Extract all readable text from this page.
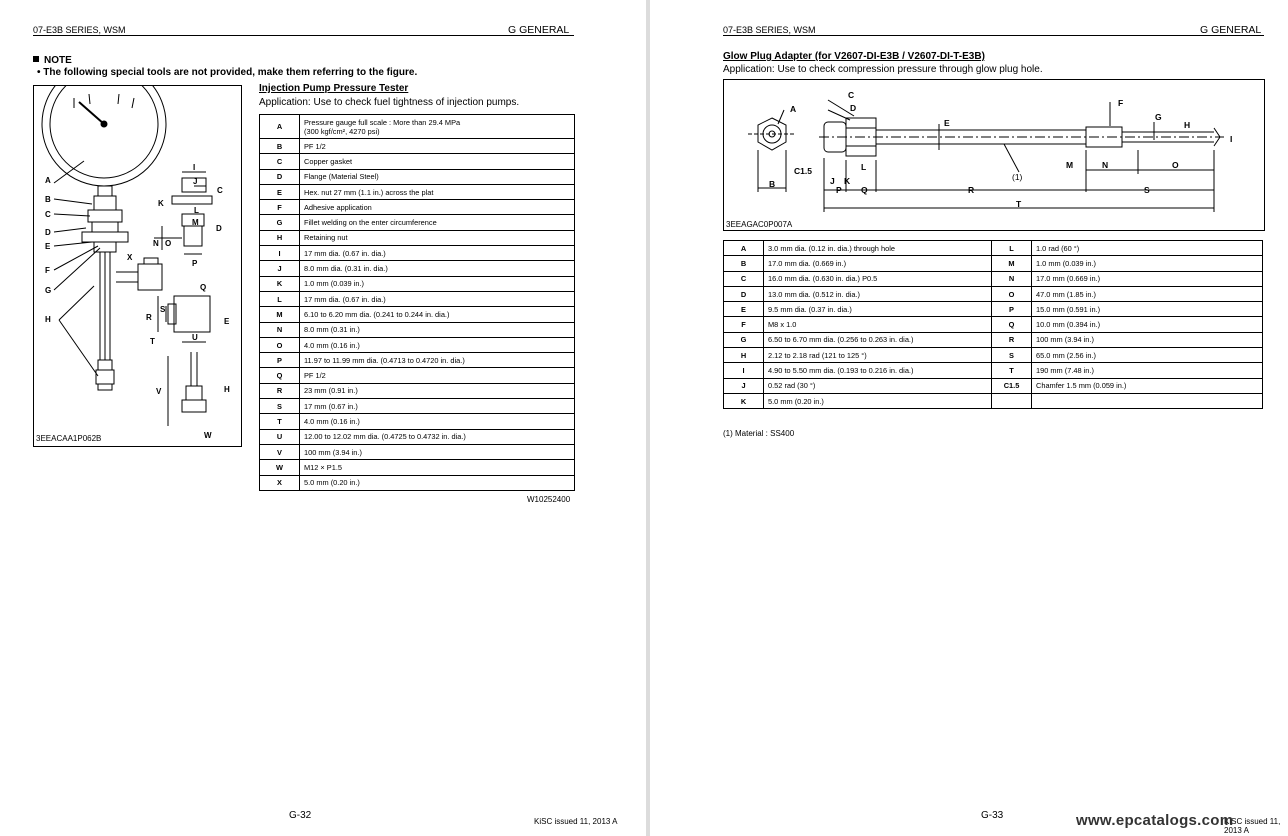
07-E3B SERIES, WSM	G GENERAL
NOTE
• The following special tools are not provided, make them referring to the figure.
A
B
C
D
E
F
G
H
I
J
K
L
M
N O
P
Q
R
S
T	U
V
W
X
C
D
E
H
3EEACAA1P062B
Injection Pump Pressure Tester
Application: Use to check fuel tightness of injection pumps.
A	Pressure gauge full scale : More than 29.4 MPa
(300 kgf/cm², 4270 psi)
B	PF 1/2
C	Copper gasket
D	Flange (Material Steel)
E	Hex. nut 27 mm (1.1 in.) across the plat
F	Adhesive application
G	Fillet welding on the enter circumference
H	Retaining nut
I	17 mm dia. (0.67 in. dia.)
J	8.0 mm dia. (0.31 in. dia.)
K	1.0 mm (0.039 in.)
L	17 mm dia. (0.67 in. dia.)
M	6.10 to 6.20 mm dia. (0.241 to 0.244 in. dia.)
N	8.0 mm (0.31 in.)
O	4.0 mm (0.16 in.)
P	11.97 to 11.99 mm dia. (0.4713 to 0.4720 in. dia.)
Q	PF 1/2
R	23 mm (0.91 in.)
S	17 mm (0.67 in.)
T	4.0 mm (0.16 in.)
U	12.00 to 12.02 mm dia. (0.4725 to 0.4732 in. dia.)
V	100 mm (3.94 in.)
W	M12 × P1.5
X	5.0 mm (0.20 in.)
W10252400
G-32
KiSC issued 11, 2013 A
07-E3B SERIES, WSM	G GENERAL
Glow Plug Adapter (for V2607-DI-E3B / V2607-DI-T-E3B)
Application: Use to check compression pressure through glow plug hole.
A
B
C
C1.5
D
E
F
G
H
I
J K
L	M	N	O
P Q	R	S
T
(1)
3EEAGAC0P007A
A	3.0 mm dia. (0.12 in. dia.) through hole	L	1.0 rad (60 °)
B	17.0 mm dia. (0.669 in.)	M	1.0 mm (0.039 in.)
C	16.0 mm dia. (0.630 in. dia.) P0.5	N	17.0 mm (0.669 in.)
D	13.0 mm dia. (0.512 in. dia.)	O	47.0 mm (1.85 in.)
E	9.5 mm dia. (0.37 in. dia.)	P	15.0 mm (0.591 in.)
F	M8 x 1.0	Q	10.0 mm (0.394 in.)
G	6.50 to 6.70 mm dia. (0.256 to 0.263 in. dia.)	R	100 mm (3.94 in.)
H	2.12 to 2.18 rad (121 to 125 °)	S	65.0 mm (2.56 in.)
I	4.90 to 5.50 mm dia. (0.193 to 0.216 in. dia.)	T	190 mm (7.48 in.)
J	0.52 rad (30 °)	C1.5	Chamfer 1.5 mm (0.059 in.)
K	5.0 mm (0.20 in.)		
(1) Material : SS400
G-33
KiSC issued 11, 2013 A
www.epcatalogs.com
